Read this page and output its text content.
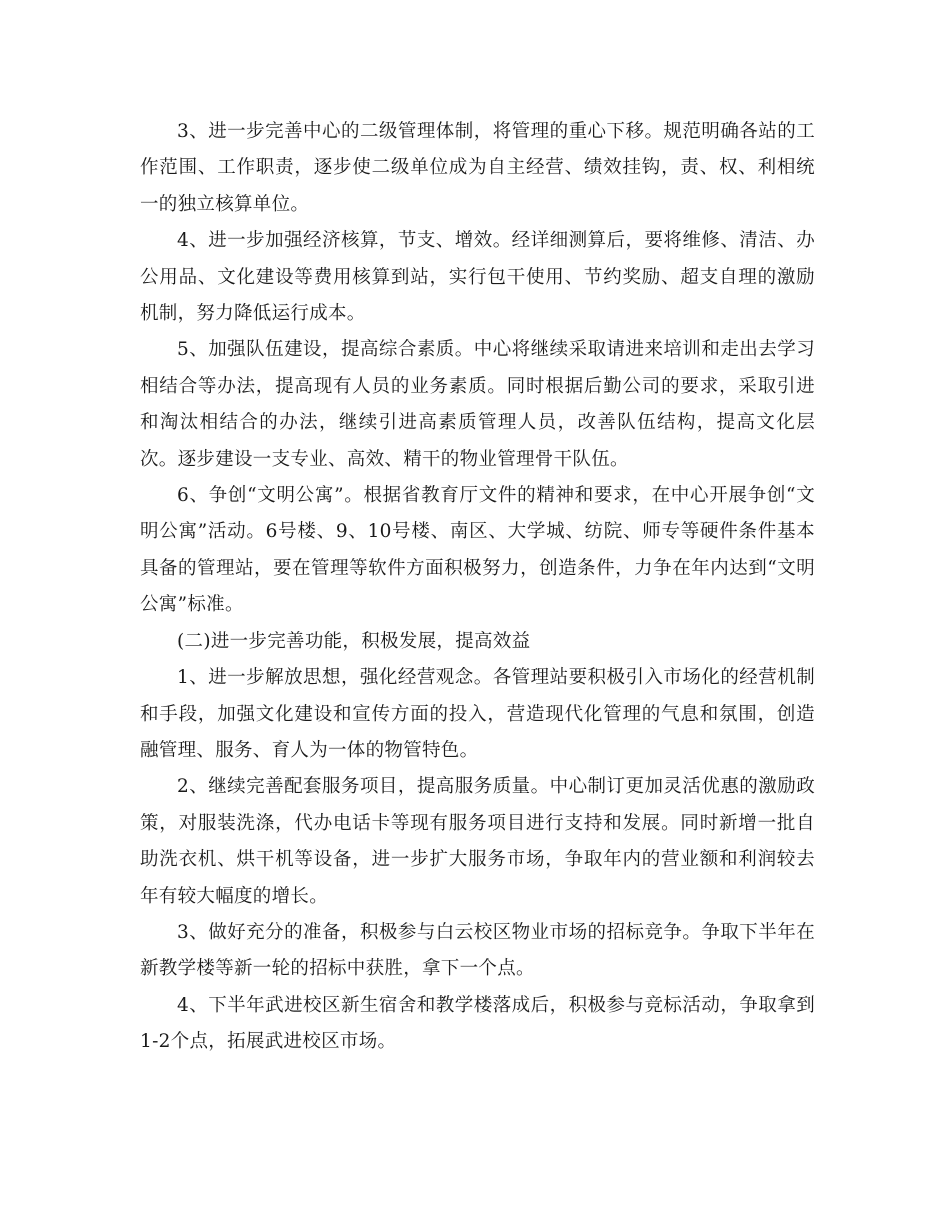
3、进一步完善中心的二级管理体制，将管理的重心下移。规范明确各站的工作范围、工作职责，逐步使二级单位成为自主经营、绩效挂钩，责、权、利相统一的独立核算单位。

4、进一步加强经济核算，节支、增效。经详细测算后，要将维修、清洁、办公用品、文化建设等费用核算到站，实行包干使用、节约奖励、超支自理的激励机制，努力降低运行成本。

5、加强队伍建设，提高综合素质。中心将继续采取请进来培训和走出去学习相结合等办法，提高现有人员的业务素质。同时根据后勤公司的要求，采取引进和淘汰相结合的办法，继续引进高素质管理人员，改善队伍结构，提高文化层次。逐步建设一支专业、高效、精干的物业管理骨干队伍。

6、争创“文明公寓”。根据省教育厅文件的精神和要求，在中心开展争创“文明公寓”活动。6号楼、9、10号楼、南区、大学城、纺院、师专等硬件条件基本具备的管理站，要在管理等软件方面积极努力，创造条件，力争在年内达到“文明公寓”标准。

(二)进一步完善功能，积极发展，提高效益

1、进一步解放思想，强化经营观念。各管理站要积极引入市场化的经营机制和手段，加强文化建设和宣传方面的投入，营造现代化管理的气息和氛围，创造融管理、服务、育人为一体的物管特色。

2、继续完善配套服务项目，提高服务质量。中心制订更加灵活优惠的激励政策，对服装洗涤，代办电话卡等现有服务项目进行支持和发展。同时新增一批自助洗衣机、烘干机等设备，进一步扩大服务市场，争取年内的营业额和利润较去年有较大幅度的增长。

3、做好充分的准备，积极参与白云校区物业市场的招标竞争。争取下半年在新教学楼等新一轮的招标中获胜，拿下一个点。

4、下半年武进校区新生宿舍和教学楼落成后，积极参与竞标活动，争取拿到1-2个点，拓展武进校区市场。
